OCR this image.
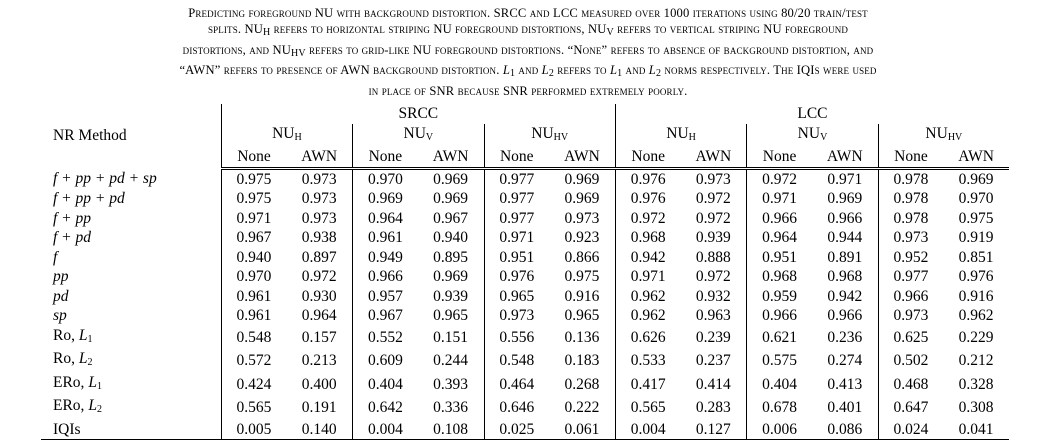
Predicting foreground NU with background distortion. SRCC and LCC measured over 1000 iterations using 80/20 train/test
splits. $NU_H$ refers to horizontal striping NU foreground distortions, $NU_V$ refers to vertical striping NU foreground
distortions, and $NU_{HV}$ refers to grid-like NU foreground distortions. “None” refers to absence of background distortion, and
“AWN” refers to presence of AWN background distortion. $L_1$ and $L_2$ refers to $L_1$ and $L_2$ norms respectively. The IQIs were used
in place of SNR because SNR performed extremely poorly.
NR Method	SRCC						LCC					
	$NU_H$		$NU_V$		$NU_{HV}$		$NU_H$		$NU_V$		$NU_{HV}$
	None	AWN	None	AWN	None	AWN	None	AWN	None	AWN	None	AWN
f + pp + pd + sp	0.975	0.973	0.970	0.969	0.977	0.969	0.976	0.973	0.972	0.971	0.978	0.969
f + pp + pd	0.975	0.973	0.969	0.969	0.977	0.969	0.976	0.972	0.971	0.969	0.978	0.970
f + pp	0.971	0.973	0.964	0.967	0.977	0.973	0.972	0.972	0.966	0.966	0.978	0.975
f + pd	0.967	0.938	0.961	0.940	0.971	0.923	0.968	0.939	0.964	0.944	0.973	0.919
f	0.940	0.897	0.949	0.895	0.951	0.866	0.942	0.888	0.951	0.891	0.952	0.851
pp	0.970	0.972	0.966	0.969	0.976	0.975	0.971	0.972	0.968	0.968	0.977	0.976
pd	0.961	0.930	0.957	0.939	0.965	0.916	0.962	0.932	0.959	0.942	0.966	0.916
sp	0.961	0.964	0.967	0.965	0.973	0.965	0.962	0.963	0.966	0.966	0.973	0.962
Ro, $L_1$	0.548	0.157	0.552	0.151	0.556	0.136	0.626	0.239	0.621	0.236	0.625	0.229
Ro, $L_2$	0.572	0.213	0.609	0.244	0.548	0.183	0.533	0.237	0.575	0.274	0.502	0.212
ERo, $L_1$	0.424	0.400	0.404	0.393	0.464	0.268	0.417	0.414	0.404	0.413	0.468	0.328
ERo, $L_2$	0.565	0.191	0.642	0.336	0.646	0.222	0.565	0.283	0.678	0.401	0.647	0.308
IQIs	0.005	0.140	0.004	0.108	0.025	0.061	0.004	0.127	0.006	0.086	0.024	0.041
